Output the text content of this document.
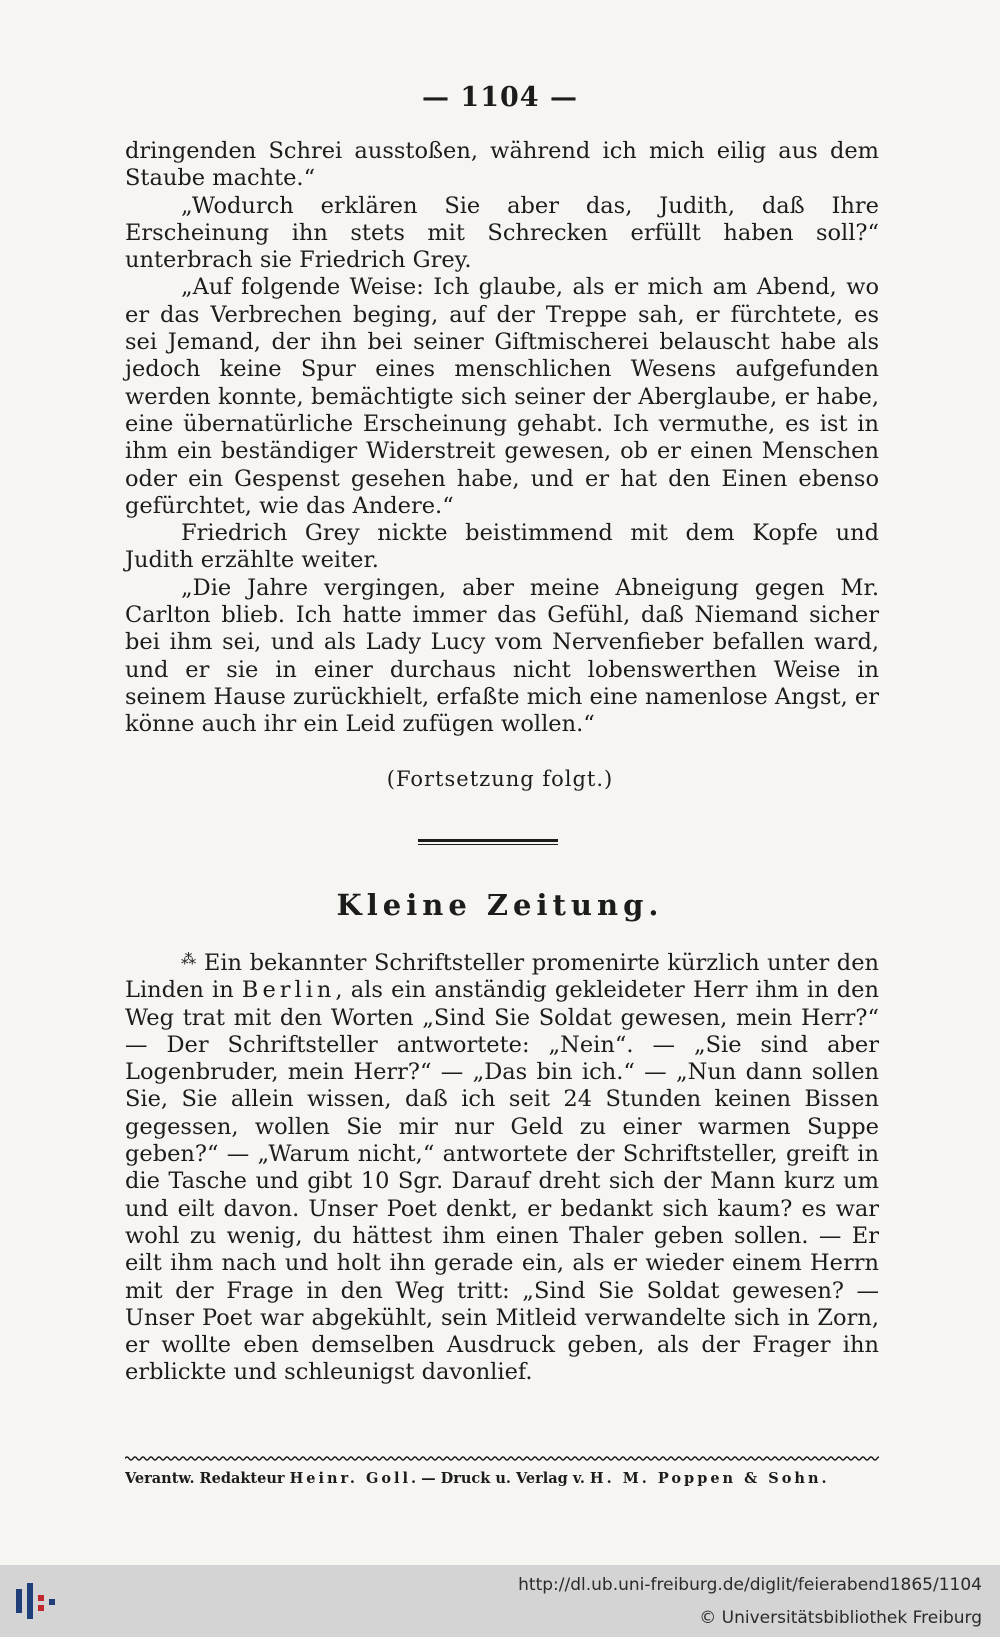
— 1104 —

dringenden Schrei ausstoßen, während ich mich eilig aus dem Staube machte.“

„Wodurch erklären Sie aber das, Judith, daß Ihre Erscheinung ihn stets mit Schrecken erfüllt haben soll?“ unterbrach sie Friedrich Grey.

„Auf folgende Weise: Ich glaube, als er mich am Abend, wo er das Verbrechen beging, auf der Treppe sah, er fürchtete, es sei Jemand, der ihn bei seiner Giftmischerei belauscht habe als jedoch keine Spur eines menschlichen Wesens aufgefunden werden konnte, bemächtigte sich seiner der Aberglaube, er habe, eine übernatürliche Erscheinung gehabt. Ich vermuthe, es ist in ihm ein beständiger Widerstreit gewesen, ob er einen Menschen oder ein Gespenst gesehen habe, und er hat den Einen ebenso gefürchtet, wie das Andere.“

Friedrich Grey nickte beistimmend mit dem Kopfe und Judith erzählte weiter.

„Die Jahre vergingen, aber meine Abneigung gegen Mr. Carlton blieb. Ich hatte immer das Gefühl, daß Niemand sicher bei ihm sei, und als Lady Lucy vom Nervenfieber befallen ward, und er sie in einer durchaus nicht lobenswerthen Weise in seinem Hause zurückhielt, erfaßte mich eine namenlose Angst, er könne auch ihr ein Leid zufügen wollen.“

(Fortsetzung folgt.)
Kleine Zeitung.

⁂ Ein bekannter Schriftsteller promenirte kürzlich unter den Linden in Berlin, als ein anständig gekleideter Herr ihm in den Weg trat mit den Worten „Sind Sie Soldat gewesen, mein Herr?“ — Der Schriftsteller antwortete: „Nein“. — „Sie sind aber Logenbruder, mein Herr?“ — „Das bin ich.“ — „Nun dann sollen Sie, Sie allein wissen, daß ich seit 24 Stunden keinen Bissen gegessen, wollen Sie mir nur Geld zu einer warmen Suppe geben?“ — „Warum nicht,“ antwortete der Schriftsteller, greift in die Tasche und gibt 10 Sgr. Darauf dreht sich der Mann kurz um und eilt davon. Unser Poet denkt, er bedankt sich kaum? es war wohl zu wenig, du hättest ihm einen Thaler geben sollen. — Er eilt ihm nach und holt ihn gerade ein, als er wieder einem Herrn mit der Frage in den Weg tritt: „Sind Sie Soldat gewesen? — Unser Poet war abgekühlt, sein Mitleid verwandelte sich in Zorn, er wollte eben demselben Ausdruck geben, als der Frager ihn erblickte und schleunigst davonlief.

Verantw. Redakteur Heinr. Goll. — Druck u. Verlag v. H. M. Poppen & Sohn.
http://dl.ub.uni-freiburg.de/diglit/feierabend1865/1104
© Universitätsbibliothek Freiburg
